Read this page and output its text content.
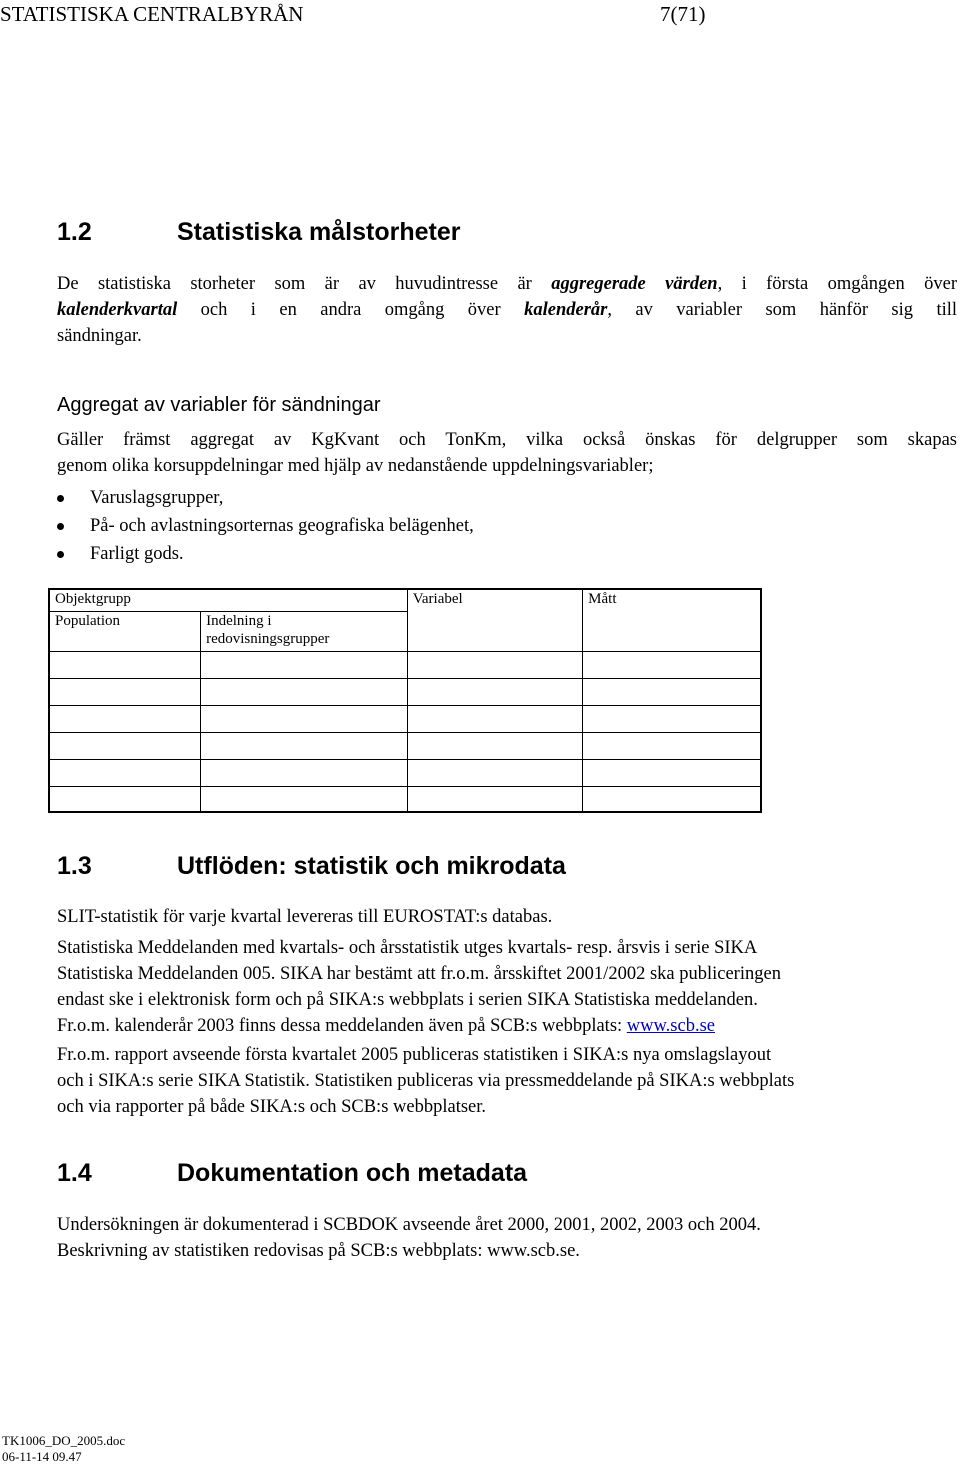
STATISTISKA CENTRALBYRÅN	7(71)
1.2	Statistiska målstorheter
De statistiska storheter som är av huvudintresse är aggregerade värden, i första omgången över
kalenderkvartal och i en andra omgång över kalenderår, av variabler som hänför sig till
sändningar.
Aggregat av variabler för sändningar
Gäller främst aggregat av KgKvant och TonKm, vilka också önskas för delgrupper som skapas
genom olika korsuppdelningar med hjälp av nedanstående uppdelningsvariabler;
Varuslagsgrupper,
På- och avlastningsorternas geografiska belägenhet,
Farligt gods.
Objektgrupp		Variabel	Mått
Population	Indelning i
redovisningsgrupper		

1.3	Utflöden: statistik och mikrodata
SLIT-statistik för varje kvartal levereras till EUROSTAT:s databas.
Statistiska Meddelanden med kvartals- och årsstatistik utges kvartals- resp. årsvis i serie SIKA
Statistiska Meddelanden 005. SIKA har bestämt att fr.o.m. årsskiftet 2001/2002 ska publiceringen
endast ske i elektronisk form och på SIKA:s webbplats i serien SIKA Statistiska meddelanden.
Fr.o.m. kalenderår 2003 finns dessa meddelanden även på SCB:s webbplats: www.scb.se
Fr.o.m. rapport avseende första kvartalet 2005 publiceras statistiken i SIKA:s nya omslagslayout
och i SIKA:s serie SIKA Statistik. Statistiken publiceras via pressmeddelande på SIKA:s webbplats
och via rapporter på både SIKA:s och SCB:s webbplatser.
1.4	Dokumentation och metadata
Undersökningen är dokumenterad i SCBDOK avseende året 2000, 2001, 2002, 2003 och 2004.
Beskrivning av statistiken redovisas på SCB:s webbplats: www.scb.se.
TK1006_DO_2005.doc
06-11-14 09.47
